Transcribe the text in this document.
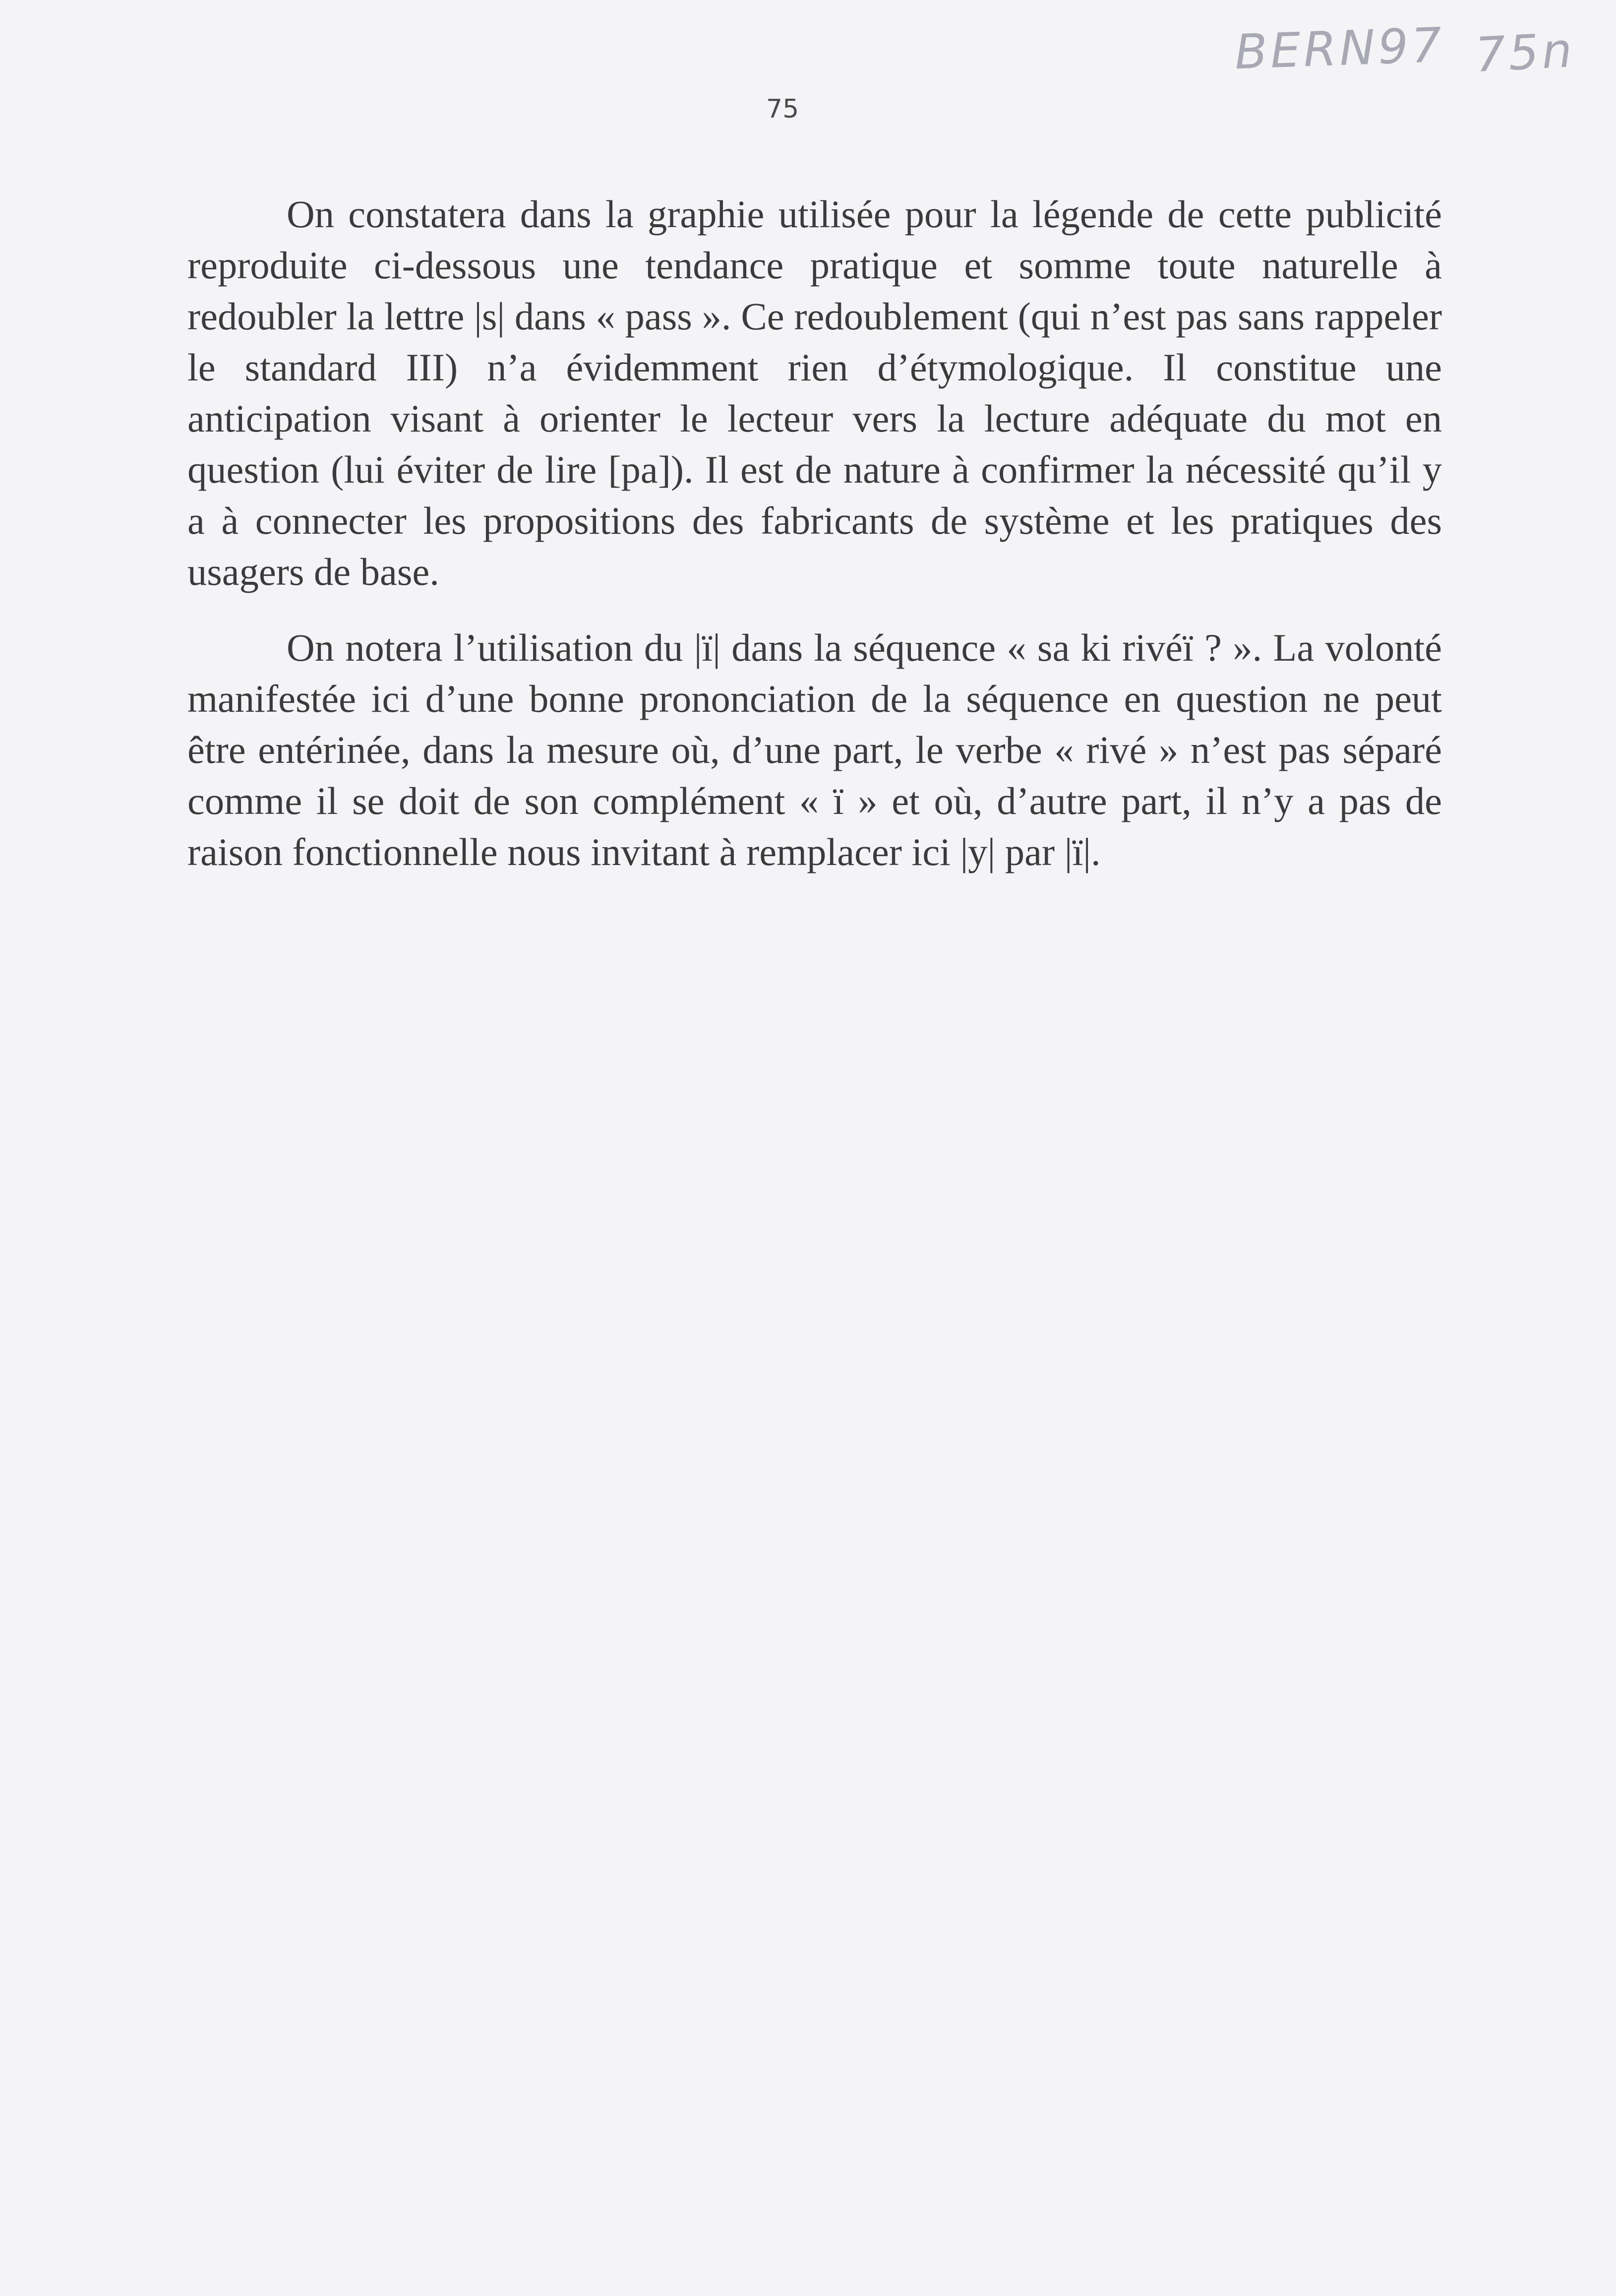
BERN97 75n
75

On constatera dans la graphie utilisée pour la légende de cette publicité reproduite ci-dessous une tendance pratique et somme toute naturelle à redoubler la lettre |s| dans « pass ». Ce redoublement (qui n’est pas sans rappeler le standard III) n’a évidemment rien d’étymologique. Il constitue une anticipation visant à orienter le lecteur vers la lecture adéquate du mot en question (lui éviter de lire [pa]). Il est de nature à confirmer la nécessité qu’il y a à connecter les propositions des fabricants de système et les pratiques des usagers de base.

On notera l’utilisation du |ï| dans la séquence « sa ki rivéï ? ». La volonté manifestée ici d’une bonne prononciation de la séquence en question ne peut être entérinée, dans la mesure où, d’une part, le verbe « rivé » n’est pas séparé comme il se doit de son complément « ï » et où, d’autre part, il n’y a pas de raison fonctionnelle nous invitant à remplacer ici |y| par |ï|.
